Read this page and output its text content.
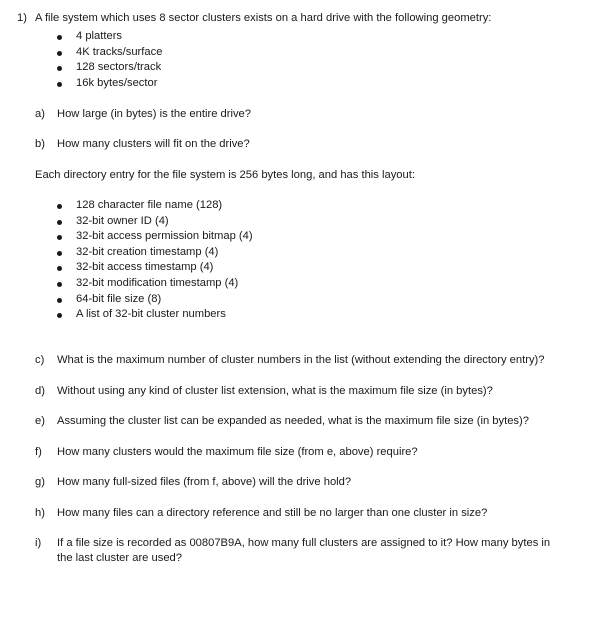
1) A file system which uses 8 sector clusters exists on a hard drive with the following geometry:
4 platters
4K tracks/surface
128 sectors/track
16k bytes/sector
a) How large (in bytes) is the entire drive?
b) How many clusters will fit on the drive?
Each directory entry for the file system is 256 bytes long, and has this layout:
128 character file name (128)
32-bit owner ID (4)
32-bit access permission bitmap (4)
32-bit creation timestamp (4)
32-bit access timestamp (4)
32-bit modification timestamp (4)
64-bit file size (8)
A list of 32-bit cluster numbers
c) What is the maximum number of cluster numbers in the list (without extending the directory entry)?
d) Without using any kind of cluster list extension, what is the maximum file size (in bytes)?
e) Assuming the cluster list can be expanded as needed, what is the maximum file size (in bytes)?
f) How many clusters would the maximum file size (from e, above) require?
g) How many full-sized files (from f, above) will the drive hold?
h) How many files can a directory reference and still be no larger than one cluster in size?
i) If a file size is recorded as 00807B9A, how many full clusters are assigned to it? How many bytes in the last cluster are used?
